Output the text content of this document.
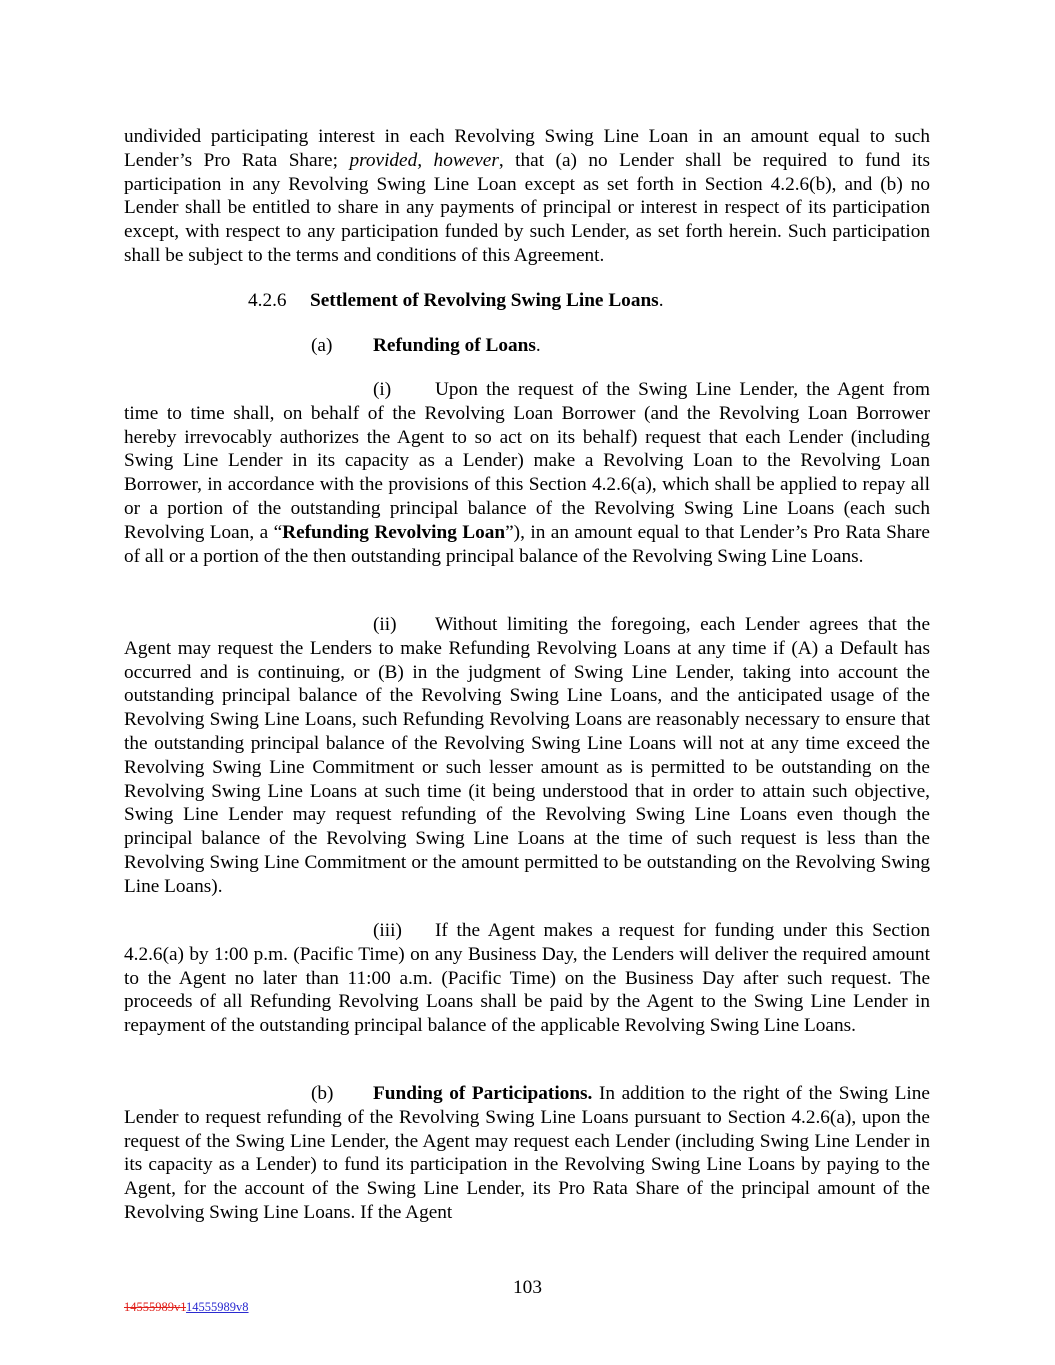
undivided participating interest in each Revolving Swing Line Loan in an amount equal to such Lender’s Pro Rata Share; provided, however, that (a) no Lender shall be required to fund its participation in any Revolving Swing Line Loan except as set forth in Section 4.2.6(b), and (b) no Lender shall be entitled to share in any payments of principal or interest in respect of its participation except, with respect to any participation funded by such Lender, as set forth herein. Such participation shall be subject to the terms and conditions of this Agreement.

4.2.6 Settlement of Revolving Swing Line Loans.
(a) Refunding of Loans.

(i) Upon the request of the Swing Line Lender, the Agent from time to time shall, on behalf of the Revolving Loan Borrower (and the Revolving Loan Borrower hereby irrevocably authorizes the Agent to so act on its behalf) request that each Lender (including Swing Line Lender in its capacity as a Lender) make a Revolving Loan to the Revolving Loan Borrower, in accordance with the provisions of this Section 4.2.6(a), which shall be applied to repay all or a portion of the outstanding principal balance of the Revolving Swing Line Loans (each such Revolving Loan, a “Refunding Revolving Loan”), in an amount equal to that Lender’s Pro Rata Share of all or a portion of the then outstanding principal balance of the Revolving Swing Line Loans.

(ii) Without limiting the foregoing, each Lender agrees that the Agent may request the Lenders to make Refunding Revolving Loans at any time if (A) a Default has occurred and is continuing, or (B) in the judgment of Swing Line Lender, taking into account the outstanding principal balance of the Revolving Swing Line Loans, and the anticipated usage of the Revolving Swing Line Loans, such Refunding Revolving Loans are reasonably necessary to ensure that the outstanding principal balance of the Revolving Swing Line Loans will not at any time exceed the Revolving Swing Line Commitment or such lesser amount as is permitted to be outstanding on the Revolving Swing Line Loans at such time (it being understood that in order to attain such objective, Swing Line Lender may request refunding of the Revolving Swing Line Loans even though the principal balance of the Revolving Swing Line Loans at the time of such request is less than the Revolving Swing Line Commitment or the amount permitted to be outstanding on the Revolving Swing Line Loans).

(iii) If the Agent makes a request for funding under this Section 4.2.6(a) by 1:00 p.m. (Pacific Time) on any Business Day, the Lenders will deliver the required amount to the Agent no later than 11:00 a.m. (Pacific Time) on the Business Day after such request. The proceeds of all Refunding Revolving Loans shall be paid by the Agent to the Swing Line Lender in repayment of the outstanding principal balance of the applicable Revolving Swing Line Loans.

(b) Funding of Participations. In addition to the right of the Swing Line Lender to request refunding of the Revolving Swing Line Loans pursuant to Section 4.2.6(a), upon the request of the Swing Line Lender, the Agent may request each Lender (including Swing Line Lender in its capacity as a Lender) to fund its participation in the Revolving Swing Line Loans by paying to the Agent, for the account of the Swing Line Lender, its Pro Rata Share of the principal amount of the Revolving Swing Line Loans. If the Agent

103
14555989v114555989v8
